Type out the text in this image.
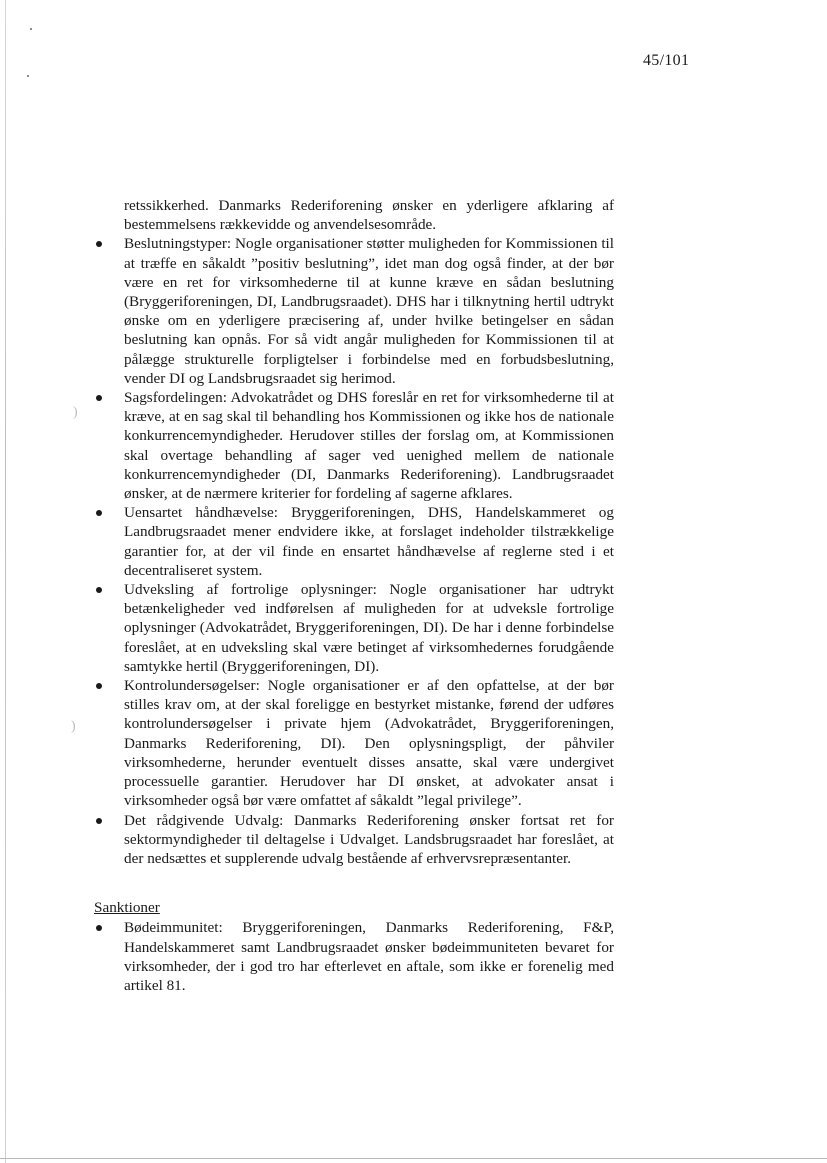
)
)
45/101

retssikkerhed. Danmarks Rederiforening ønsker en yderligere afklaring af bestemmelsens rækkevidde og anvendelsesområde.

Beslutningstyper: Nogle organisationer støtter muligheden for Kommissionen til at træffe en såkaldt ”positiv beslutning”, idet man dog også finder, at der bør være en ret for virksomhederne til at kunne kræve en sådan beslutning (Bryggeriforeningen, DI, Landbrugsraadet). DHS har i tilknytning hertil udtrykt ønske om en yderligere præcisering af, under hvilke betingelser en sådan beslutning kan opnås. For så vidt angår muligheden for Kommissionen til at pålægge strukturelle forpligtelser i forbindelse med en forbudsbeslutning, vender DI og Landsbrugsraadet sig herimod.
Sagsfordelingen: Advokatrådet og DHS foreslår en ret for virksomhederne til at kræve, at en sag skal til behandling hos Kommissionen og ikke hos de nationale konkurrencemyndigheder. Herudover stilles der forslag om, at Kommissionen skal overtage behandling af sager ved uenighed mellem de nationale konkurrencemyndigheder (DI, Danmarks Rederiforening). Landbrugsraadet ønsker, at de nærmere kriterier for fordeling af sagerne afklares.
Uensartet håndhævelse: Bryggeriforeningen, DHS, Handelskammeret og Landbrugsraadet mener endvidere ikke, at forslaget indeholder tilstrækkelige garantier for, at der vil finde en ensartet håndhævelse af reglerne sted i et decentraliseret system.
Udveksling af fortrolige oplysninger: Nogle organisationer har udtrykt betænkeligheder ved indførelsen af muligheden for at udveksle fortrolige oplysninger (Advokatrådet, Bryggeriforeningen, DI). De har i denne forbindelse foreslået, at en udveksling skal være betinget af virksomhedernes forudgående samtykke hertil (Bryggeriforeningen, DI).
Kontrolundersøgelser: Nogle organisationer er af den opfattelse, at der bør stilles krav om, at der skal foreligge en bestyrket mistanke, førend der udføres kontrolundersøgelser i private hjem (Advokatrådet, Bryggeriforeningen, Danmarks Rederiforening, DI). Den oplysningspligt, der påhviler virksomhederne, herunder eventuelt disses ansatte, skal være undergivet processuelle garantier. Herudover har DI ønsket, at advokater ansat i virksomheder også bør være omfattet af såkaldt ”legal privilege”.
Det rådgivende Udvalg: Danmarks Rederiforening ønsker fortsat ret for sektormyndigheder til deltagelse i Udvalget. Landsbrugsraadet har foreslået, at der nedsættes et supplerende udvalg bestående af erhvervsrepræsentanter.
Sanktioner
Bødeimmunitet: Bryggeriforeningen, Danmarks Rederiforening, F&P, Handelskammeret samt Landbrugsraadet ønsker bødeimmuniteten bevaret for virksomheder, der i god tro har efterlevet en aftale, som ikke er forenelig med artikel 81.
